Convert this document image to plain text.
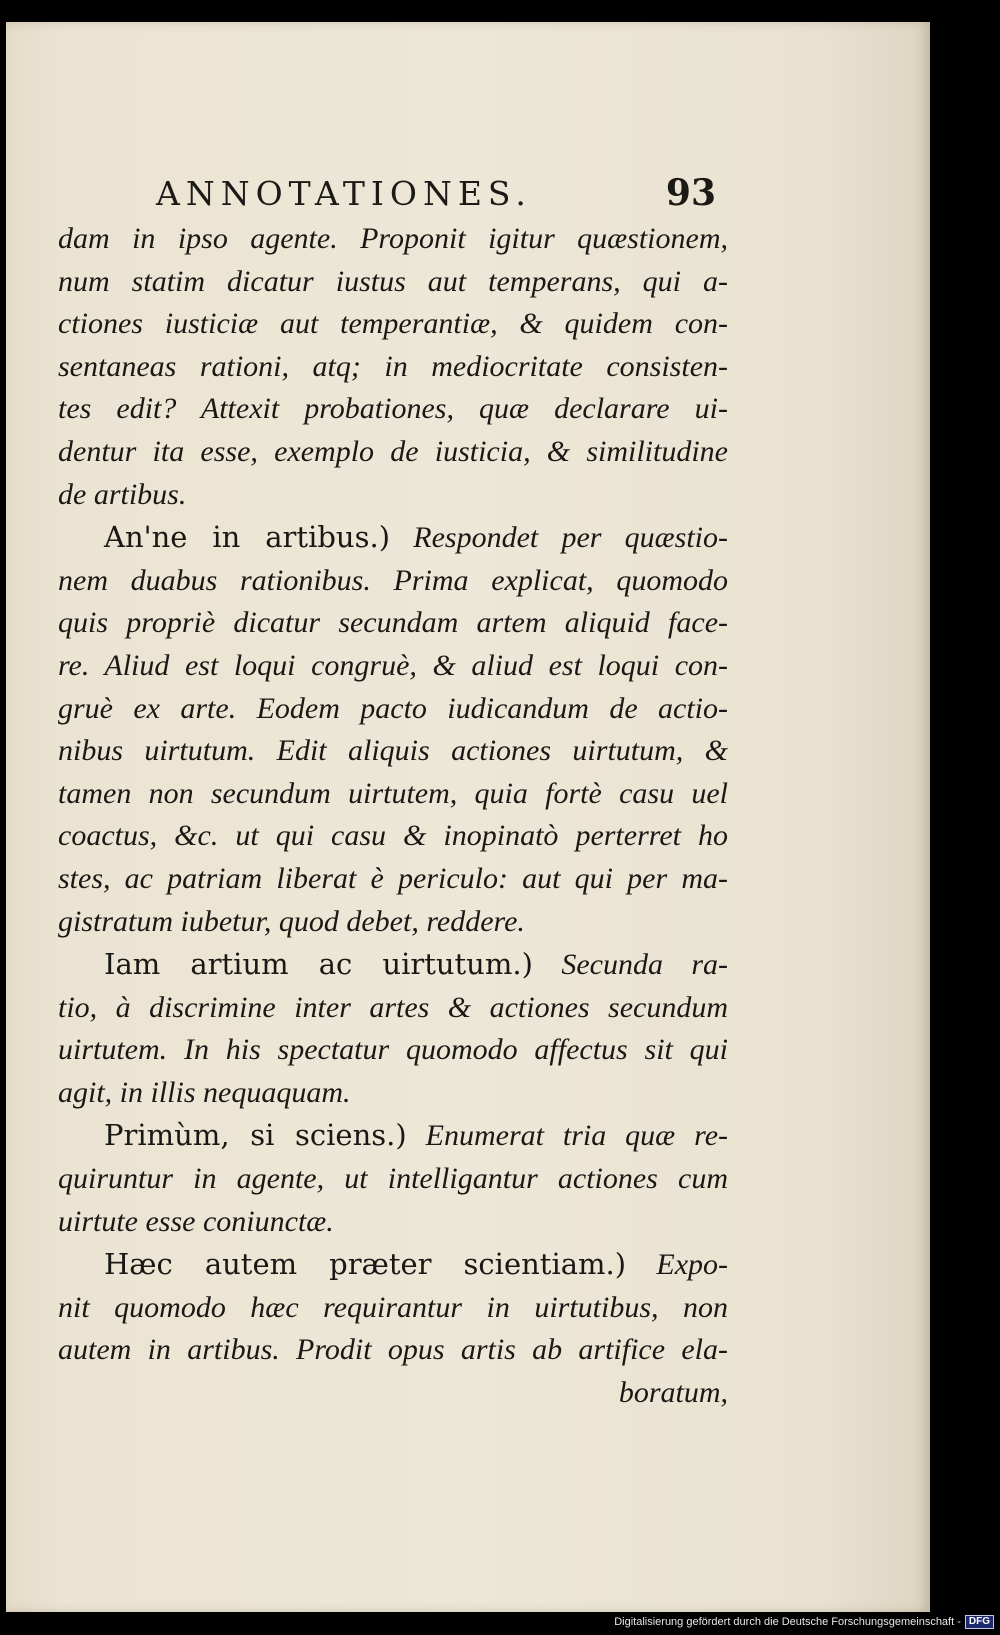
ANNOTATIONES.	93
dam in ipso agente. Proponit igitur quæstionem,
num statim dicatur iustus aut temperans, qui a-
ctiones iusticiæ aut temperantiæ, & quidem con-
sentaneas rationi, atq; in mediocritate consisten-
tes edit? Attexit probationes, quæ declarare ui-
dentur ita esse, exemplo de iusticia, & similitudine
de artibus.
An'ne in artibus.) Respondet per quæstio-
nem duabus rationibus. Prima explicat, quomodo
quis propriè dicatur secundam artem aliquid face-
re. Aliud est loqui congruè, & aliud est loqui con-
gruè ex arte. Eodem pacto iudicandum de actio-
nibus uirtutum. Edit aliquis actiones uirtutum, &
tamen non secundum uirtutem, quia fortè casu uel
coactus, &c. ut qui casu & inopinatò perterret ho
stes, ac patriam liberat è periculo: aut qui per ma-
gistratum iubetur, quod debet, reddere.
Iam artium ac uirtutum.) Secunda ra-
tio, à discrimine inter artes & actiones secundum
uirtutem. In his spectatur quomodo affectus sit qui
agit, in illis nequaquam.
Primùm, si sciens.) Enumerat tria quæ re-
quiruntur in agente, ut intelligantur actiones cum
uirtute esse coniunctæ.
Hæc autem præter scientiam.) Expo-
nit quomodo hæc requirantur in uirtutibus, non
autem in artibus. Prodit opus artis ab artifice ela-
boratum,
Digitalisierung gefördert durch die Deutsche Forschungsgemeinschaft - DFG
